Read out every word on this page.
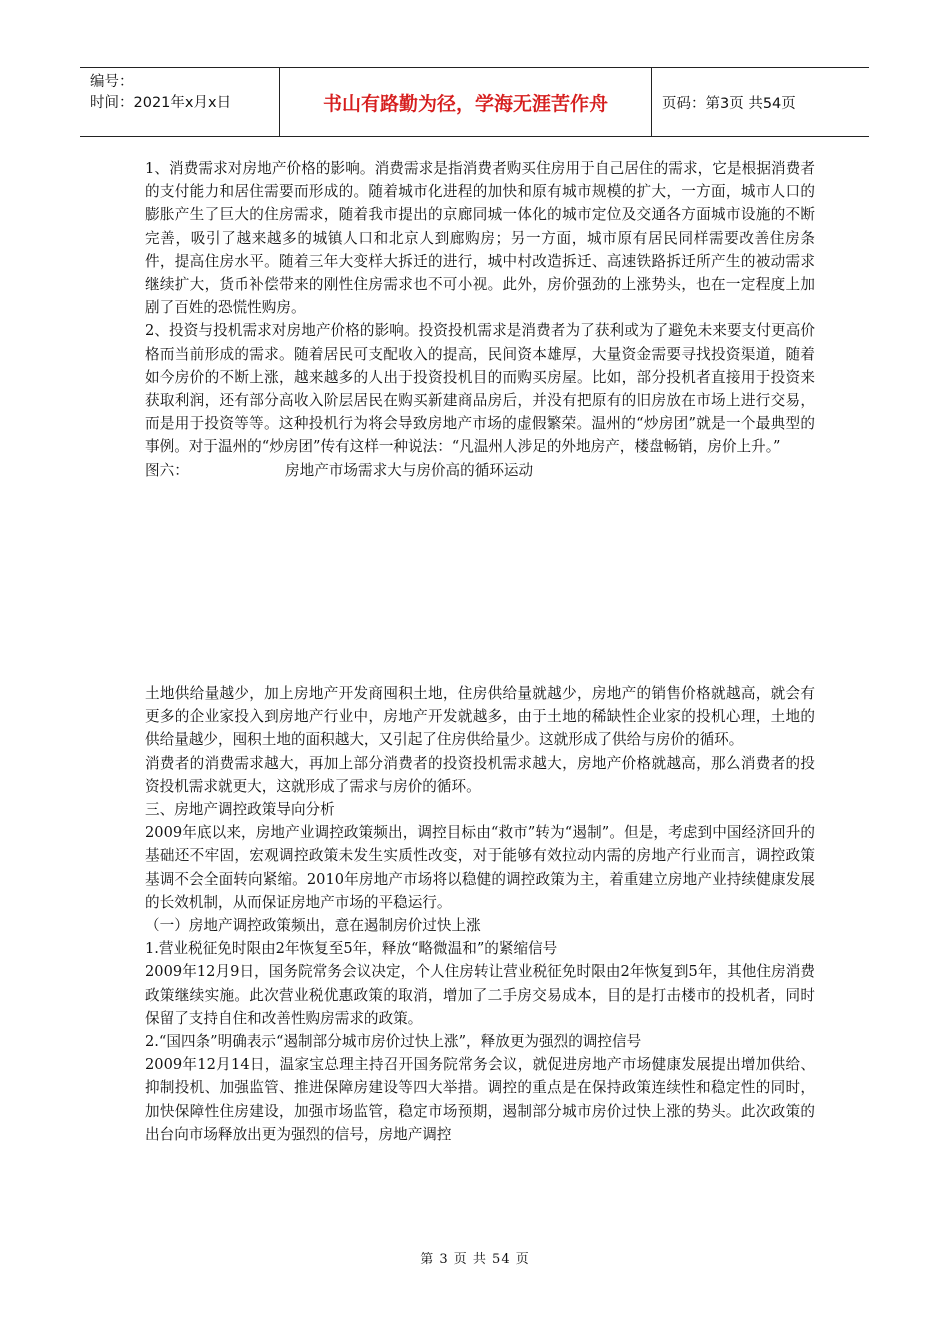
编号：
时间：2021年x月x日	书山有路勤为径，学海无涯苦作舟	页码：第3页 共54页

1、消费需求对房地产价格的影响。消费需求是指消费者购买住房用于自己居住的需求，它是根据消费者的支付能力和居住需要而形成的。随着城市化进程的加快和原有城市规模的扩大，一方面，城市人口的膨胀产生了巨大的住房需求，随着我市提出的京廊同城一体化的城市定位及交通各方面城市设施的不断完善，吸引了越来越多的城镇人口和北京人到廊购房；另一方面，城市原有居民同样需要改善住房条件，提高住房水平。随着三年大变样大拆迁的进行，城中村改造拆迁、高速铁路拆迁所产生的被动需求继续扩大，货币补偿带来的刚性住房需求也不可小视。此外，房价强劲的上涨势头，也在一定程度上加剧了百姓的恐慌性购房。

2、投资与投机需求对房地产价格的影响。投资投机需求是消费者为了获利或为了避免未来要支付更高价格而当前形成的需求。随着居民可支配收入的提高，民间资本雄厚，大量资金需要寻找投资渠道，随着如今房价的不断上涨，越来越多的人出于投资投机目的而购买房屋。比如，部分投机者直接用于投资来获取利润，还有部分高收入阶层居民在购买新建商品房后，并没有把原有的旧房放在市场上进行交易，而是用于投资等等。这种投机行为将会导致房地产市场的虚假繁荣。温州的“炒房团”就是一个最典型的事例。对于温州的“炒房团”传有这样一种说法：“凡温州人涉足的外地房产，楼盘畅销，房价上升。”

图六：	房地产市场需求大与房价高的循环运动

土地供给量越少，加上房地产开发商囤积土地，住房供给量就越少，房地产的销售价格就越高，就会有更多的企业家投入到房地产行业中，房地产开发就越多，由于土地的稀缺性企业家的投机心理，土地的供给量越少，囤积土地的面积越大，又引起了住房供给量少。这就形成了供给与房价的循环。

消费者的消费需求越大，再加上部分消费者的投资投机需求越大，房地产价格就越高，那么消费者的投资投机需求就更大，这就形成了需求与房价的循环。

三、房地产调控政策导向分析

2009年底以来，房地产业调控政策频出，调控目标由“救市”转为“遏制”。但是，考虑到中国经济回升的基础还不牢固，宏观调控政策未发生实质性改变，对于能够有效拉动内需的房地产行业而言，调控政策基调不会全面转向紧缩。2010年房地产市场将以稳健的调控政策为主，着重建立房地产业持续健康发展的长效机制，从而保证房地产市场的平稳运行。

（一）房地产调控政策频出，意在遏制房价过快上涨

1.营业税征免时限由2年恢复至5年，释放“略微温和”的紧缩信号

2009年12月9日，国务院常务会议决定，个人住房转让营业税征免时限由2年恢复到5年，其他住房消费政策继续实施。此次营业税优惠政策的取消，增加了二手房交易成本，目的是打击楼市的投机者，同时保留了支持自住和改善性购房需求的政策。

2.“国四条”明确表示“遏制部分城市房价过快上涨”，释放更为强烈的调控信号

2009年12月14日，温家宝总理主持召开国务院常务会议，就促进房地产市场健康发展提出增加供给、抑制投机、加强监管、推进保障房建设等四大举措。调控的重点是在保持政策连续性和稳定性的同时，加快保障性住房建设，加强市场监管，稳定市场预期，遏制部分城市房价过快上涨的势头。此次政策的出台向市场释放出更为强烈的信号，房地产调控

第 3 页 共 54 页
